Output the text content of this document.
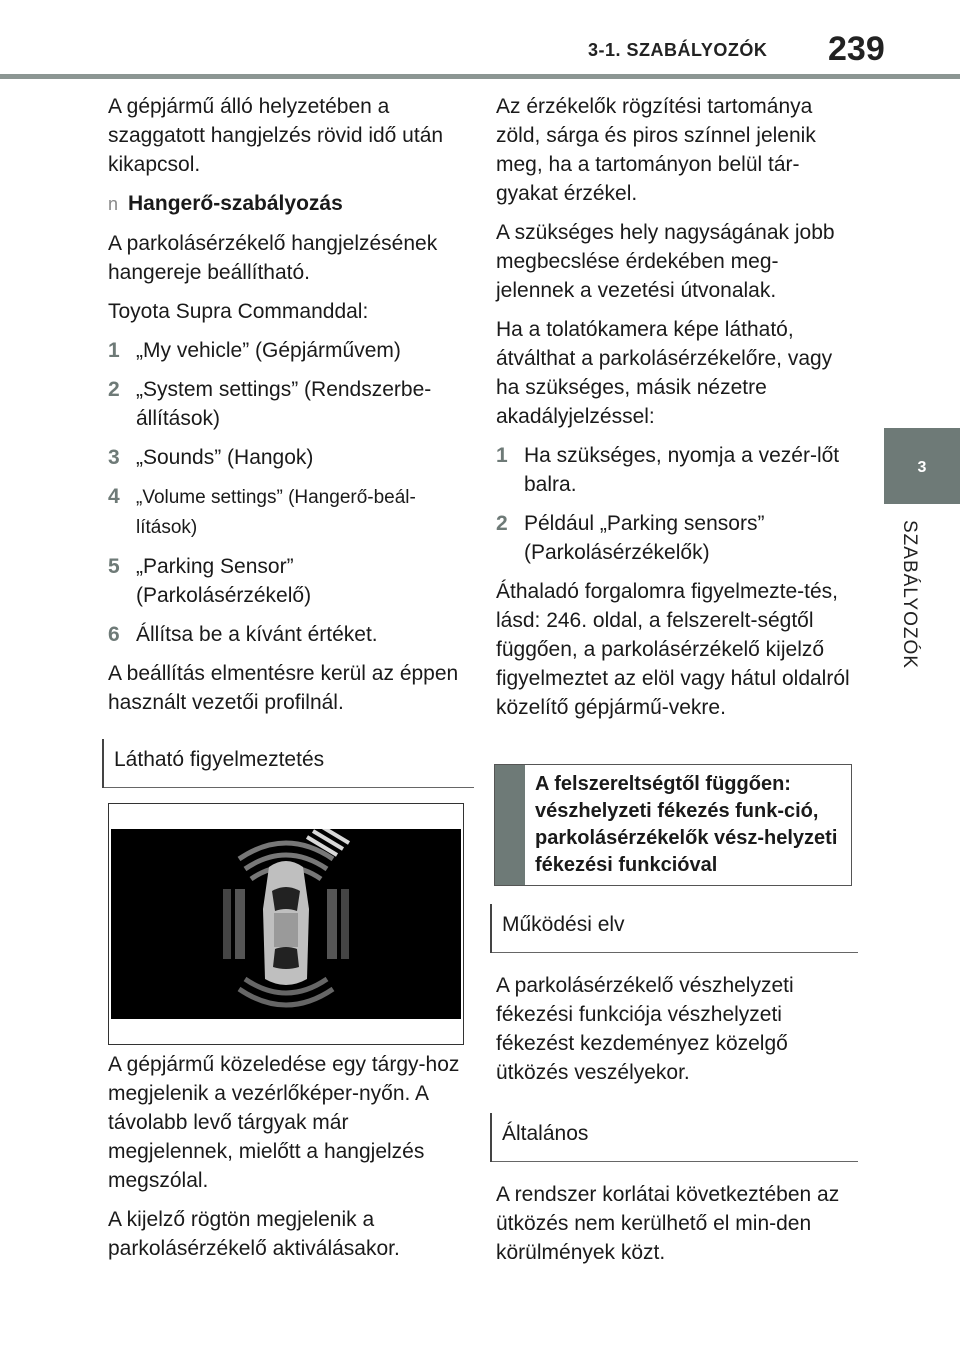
3-1. SZABÁLYOZÓK 239
3
SZABÁLYOZÓK

A gépjármű álló helyzetében a szaggatott hangjelzés rövid idő után kikapcsol.

n Hangerő-szabályozás

A parkolásérzékelő hangjelzésének hangereje beállítható.

Toyota Supra Commanddal:

1 „My vehicle” (Gépjárművem)
2 „System settings” (Rendszerbe-állítások)
3 „Sounds” (Hangok)
4 „Volume settings” (Hangerő-beál-lítások)
5 „Parking Sensor” (Parkolásérzékelő)
6 Állítsa be a kívánt értéket.

A beállítás elmentésre kerül az éppen használt vezetői profilnál.

Látható figyelmeztetés

A gépjármű közeledése egy tárgy-hoz megjelenik a vezérlőképer-nyőn. A távolabb levő tárgyak már megjelennek, mielőtt a hangjelzés megszólal.

A kijelző rögtön megjelenik a parkolásérzékelő aktiválásakor.

Az érzékelők rögzítési tartománya zöld, sárga és piros színnel jelenik meg, ha a tartományon belül tár-gyakat érzékel.

A szükséges hely nagyságának jobb megbecslése érdekében meg-jelennek a vezetési útvonalak.

Ha a tolatókamera képe látható, átválthat a parkolásérzékelőre, vagy ha szükséges, másik nézetre akadályjelzéssel:

1 Ha szükséges, nyomja a vezér-lőt balra.
2 Például „Parking sensors” (Parkolásérzékelők)

Áthaladó forgalomra figyelmezte-tés, lásd: 246. oldal, a felszerelt-ségtől függően, a parkolásérzékelő kijelző figyelmeztet az elöl vagy hátul oldalról közelítő gépjármű-vekre.

A felszereltségtől függően: vészhelyzeti fékezés funk-ció, parkolásérzékelők vész-helyzeti fékezési funkcióval
Működési elv

A parkolásérzékelő vészhelyzeti fékezési funkciója vészhelyzeti fékezést kezdeményez közelgő ütközés veszélyekor.

Általános

A rendszer korlátai következtében az ütközés nem kerülhető el min-den körülmények közt.
